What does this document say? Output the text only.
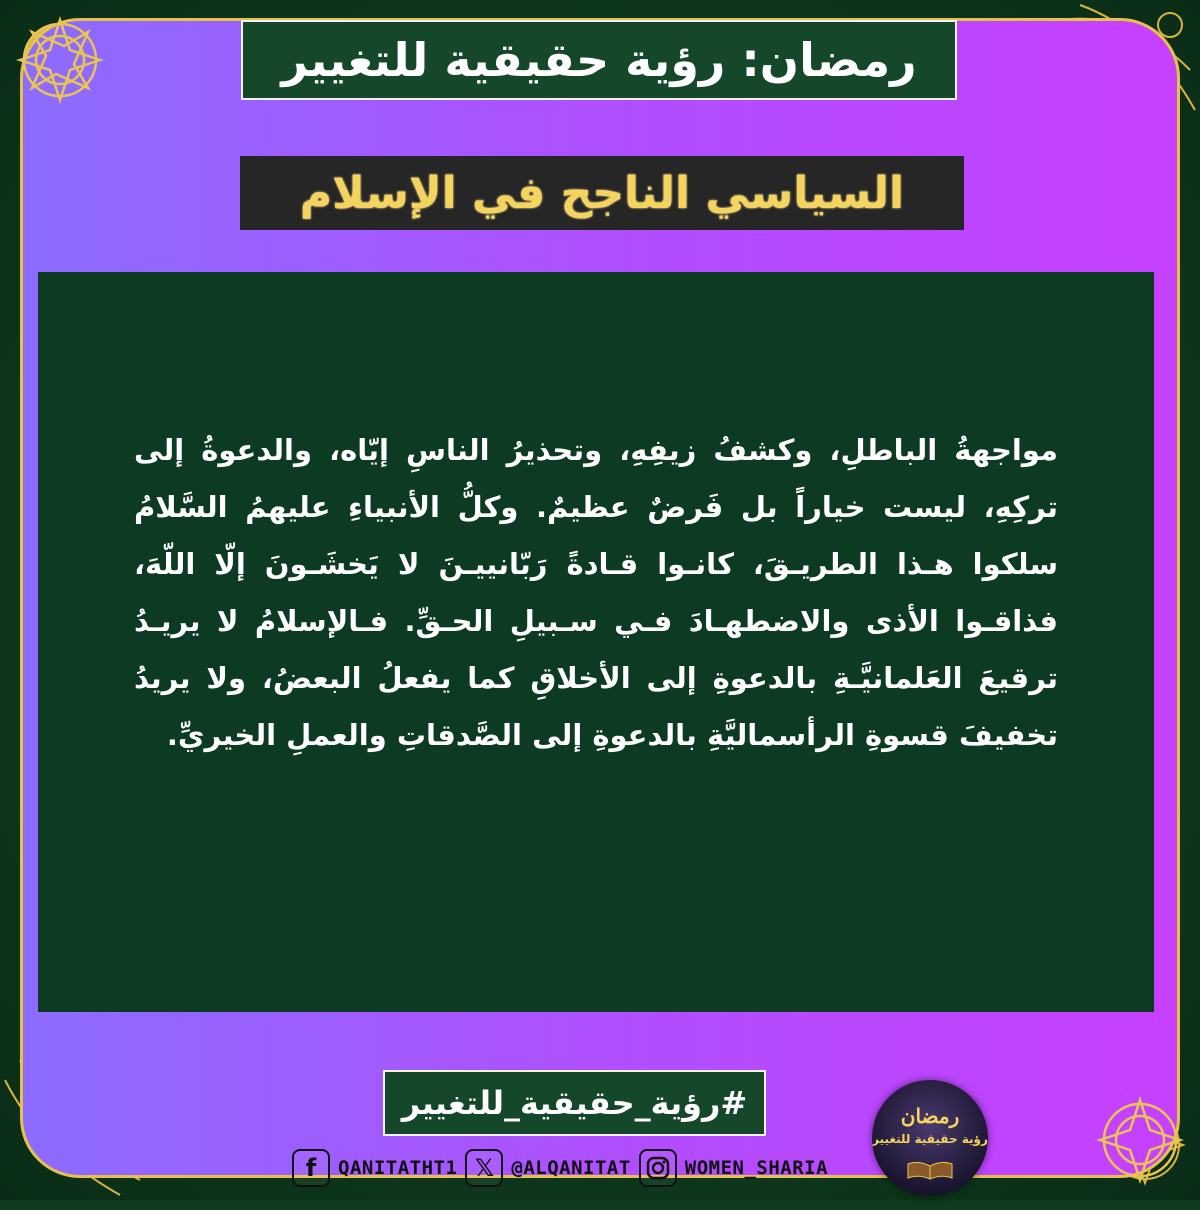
رمضان: رؤية حقيقية للتغيير
السياسي الناجح في الإسلام
مواجهةُ الباطلِ، وكشفُ زيفِهِ، وتحذيرُ الناسِ إيّاه، والدعوةُ إلى تركِهِ، ليست خياراً بل فَرضٌ عظيمٌ. وكلُّ الأنبياءِ عليهمُ السَّلامُ سلكوا هـذا الطريـقَ، كانـوا قـادةً رَبّانييـنَ لا يَخشَـونَ إلّا اللّهَ، فذاقـوا الأذى والاضطهـادَ فـي سـبيلِ الحـقِّ. فـالإسلامُ لا يريـدُ ترقيعَ العَلمانيَّـةِ بالدعوةِ إلى الأخلاقِ كما يفعلُ البعضُ، ولا يريدُ تخفيفَ قسوةِ الرأسماليَّةِ بالدعوةِ إلى الصَّدقاتِ والعملِ الخيريِّ.
#رؤية_حقيقية_للتغيير
f	QANITATHT1 𝕏 @ALQANITAT	WOMEN_SHARIA
رمضان
رؤية حقيقية للتغيير
